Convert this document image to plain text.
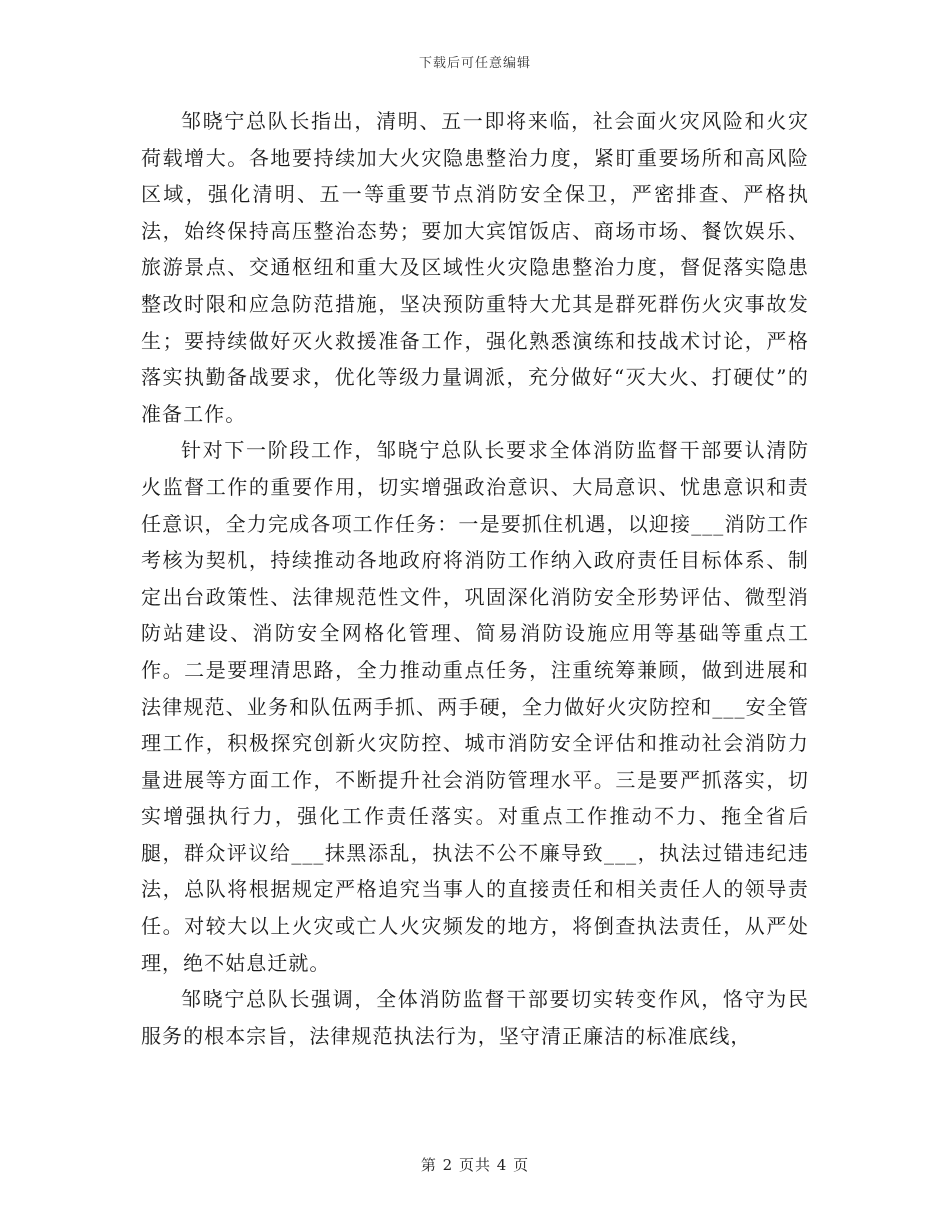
下载后可任意编辑

邹晓宁总队长指出，清明、五一即将来临，社会面火灾风险和火灾荷载增大。各地要持续加大火灾隐患整治力度，紧盯重要场所和高风险区域，强化清明、五一等重要节点消防安全保卫，严密排查、严格执法，始终保持高压整治态势；要加大宾馆饭店、商场市场、餐饮娱乐、旅游景点、交通枢纽和重大及区域性火灾隐患整治力度，督促落实隐患整改时限和应急防范措施，坚决预防重特大尤其是群死群伤火灾事故发生；要持续做好灭火救援准备工作，强化熟悉演练和技战术讨论，严格落实执勤备战要求，优化等级力量调派，充分做好“灭大火、打硬仗”的准备工作。

针对下一阶段工作，邹晓宁总队长要求全体消防监督干部要认清防火监督工作的重要作用，切实增强政治意识、大局意识、忧患意识和责任意识，全力完成各项工作任务：一是要抓住机遇，以迎接___消防工作考核为契机，持续推动各地政府将消防工作纳入政府责任目标体系、制定出台政策性、法律规范性文件，巩固深化消防安全形势评估、微型消防站建设、消防安全网格化管理、简易消防设施应用等基础等重点工作。二是要理清思路，全力推动重点任务，注重统筹兼顾，做到进展和法律规范、业务和队伍两手抓、两手硬，全力做好火灾防控和___安全管理工作，积极探究创新火灾防控、城市消防安全评估和推动社会消防力量进展等方面工作，不断提升社会消防管理水平。三是要严抓落实，切实增强执行力，强化工作责任落实。对重点工作推动不力、拖全省后腿，群众评议给___抹黑添乱，执法不公不廉导致___，执法过错违纪违法，总队将根据规定严格追究当事人的直接责任和相关责任人的领导责任。对较大以上火灾或亡人火灾频发的地方，将倒查执法责任，从严处理，绝不姑息迁就。

邹晓宁总队长强调，全体消防监督干部要切实转变作风，恪守为民服务的根本宗旨，法律规范执法行为，坚守清正廉洁的标准底线，

第 2 页共 4 页
